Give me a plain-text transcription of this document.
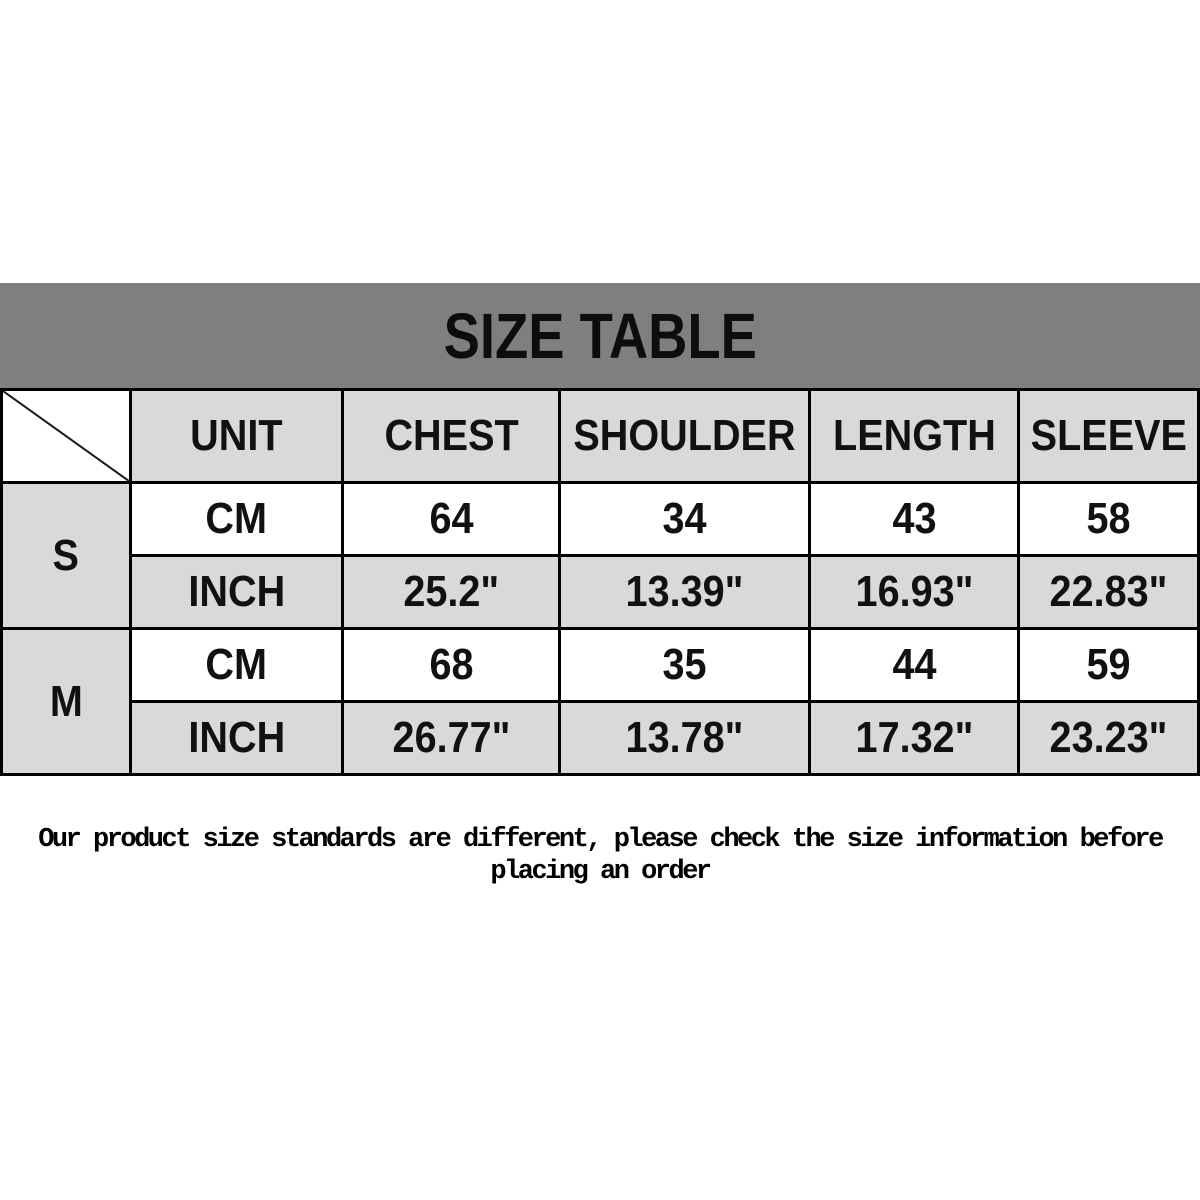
SIZE TABLE
	UNIT	CHEST	SHOULDER	LENGTH	SLEEVE
S	CM	64	34	43	58
	INCH	25.2"	13.39"	16.93"	22.83"
M	CM	68	35	44	59
	INCH	26.77"	13.78"	17.32"	23.23"
Our product size standards are different, please check the size information before
placing an order
